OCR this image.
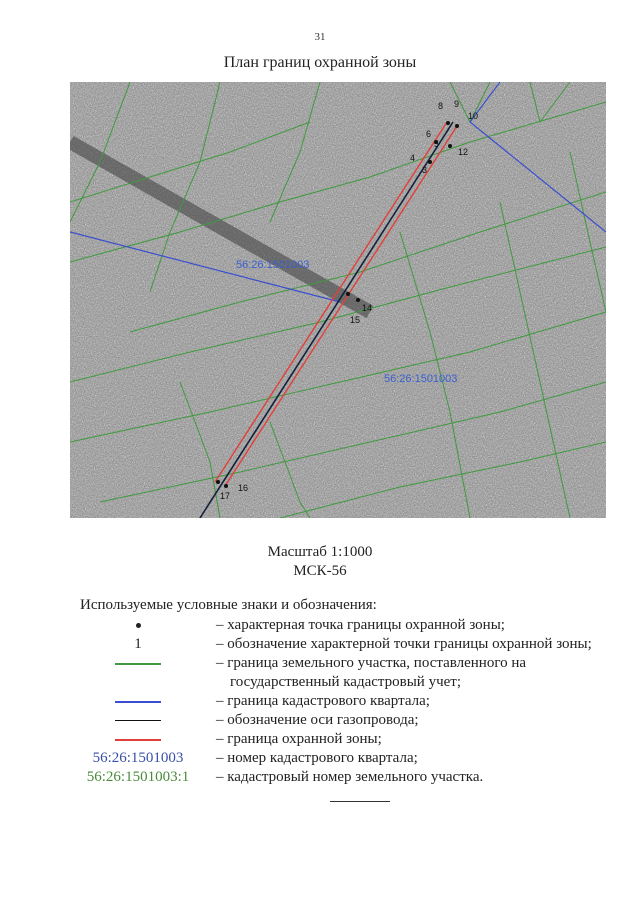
31
План границ охранной зоны
56:26:1501003
56:26:1501003
8 9
10
6
5
12
4
3
14
15
17
16
Масштаб 1:1000
МСК-56
Используемые условные знаки и обозначения:
– характерная точка границы охранной зоны;
1	– обозначение характерной точки границы охранной зоны;
– граница земельного участка, поставленного на
государственный кадастровый учет;
– граница кадастрового квартала;
– обозначение оси газопровода;
– граница охранной зоны;
56:26:1501003	– номер кадастрового квартала;
56:26:1501003:1	– кадастровый номер земельного участка.
